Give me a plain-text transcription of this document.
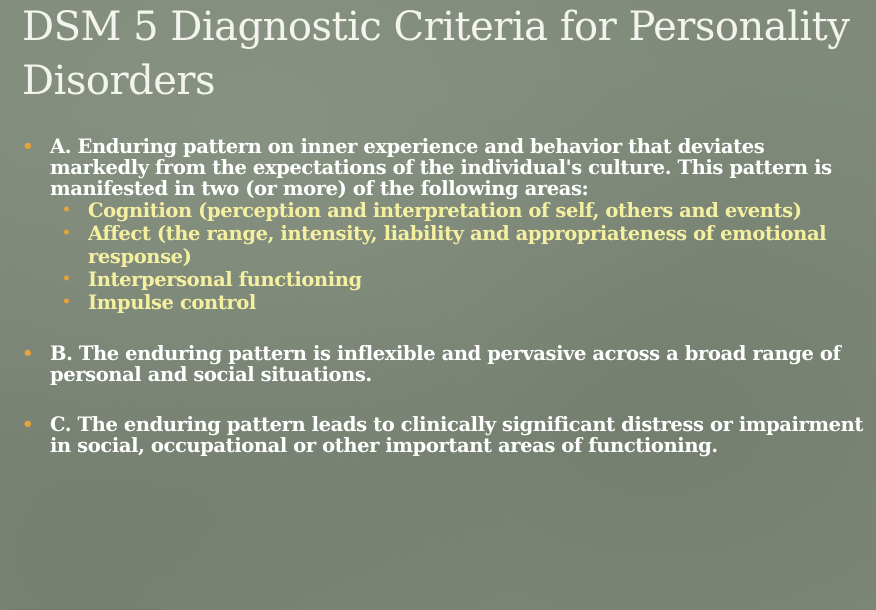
DSM 5 Diagnostic Criteria for Personality Disorders
• A. Enduring pattern on inner experience and behavior that deviates markedly from the expectations of the individual's culture. This pattern is manifested in two (or more) of the following areas:
• Cognition (perception and interpretation of self, others and events)
• Affect (the range, intensity, liability and appropriateness of emotional response)
• Interpersonal functioning
• Impulse control
• B. The enduring pattern is inflexible and pervasive across a broad range of personal and social situations.
• C. The enduring pattern leads to clinically significant distress or impairment in social, occupational or other important areas of functioning.
